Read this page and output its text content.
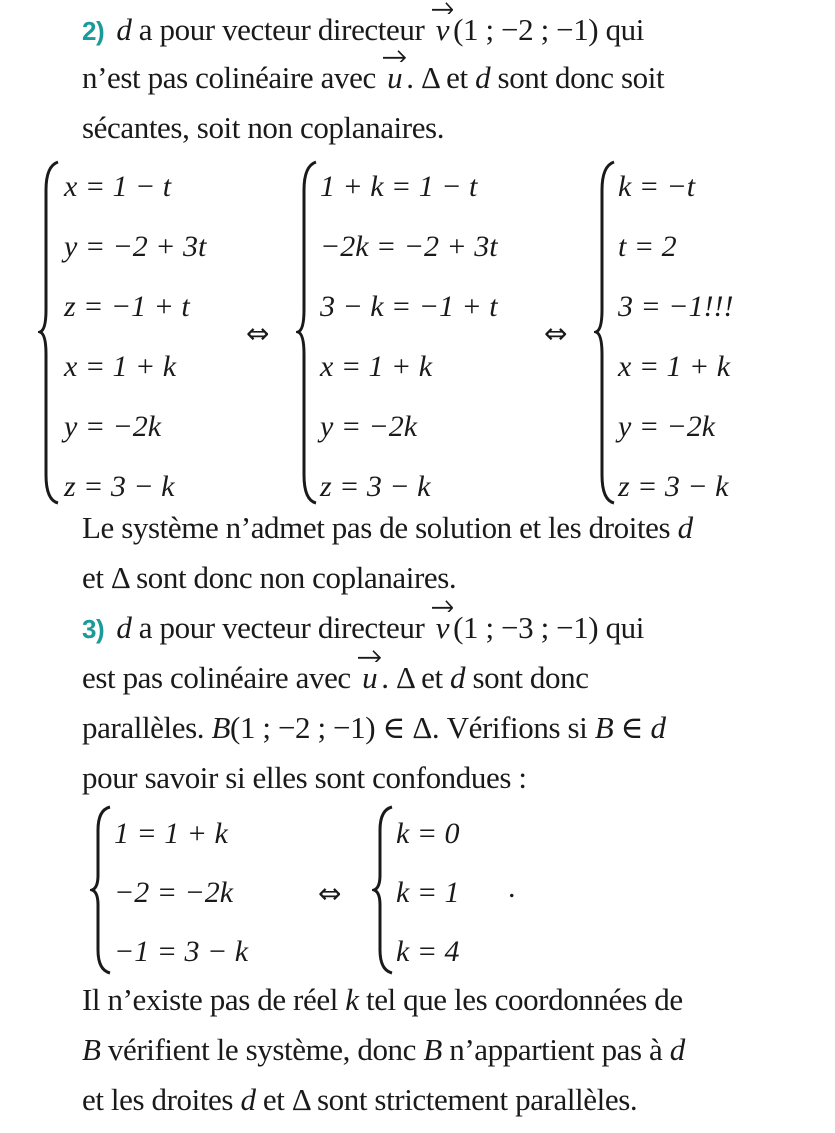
2) d a pour vecteur directeur
v (1 ; −2 ; −1) qui
n’est pas colinéaire avec
u . Δ et d sont donc soit
sécantes, soit non coplanaires.
x = 1 − t
y = −2 + 3t
z = −1 + t
x = 1 + k
y = −2k
z = 3 − k
⇔
1 + k = 1 − t
−2k = −2 + 3t
3 − k = −1 + t
x = 1 + k
y = −2k
z = 3 − k
⇔
k = −t
t = 2
3 = −1!!!
x = 1 + k
y = −2k
z = 3 − k
Le système n’admet pas de solution et les droites d
et Δ sont donc non coplanaires.
3) d a pour vecteur directeur
v (1 ; −3 ; −1) qui
est pas colinéaire avec
u . Δ et d sont donc
parallèles. B(1 ; −2 ; −1) ∈ Δ. Vérifions si B ∈ d
pour savoir si elles sont confondues :
1 = 1 + k
−2 = −2k
−1 = 3 − k
⇔
k = 0
k = 1
k = 4
.
Il n’existe pas de réel k tel que les coordonnées de
B vérifient le système, donc B n’appartient pas à d
et les droites d et Δ sont strictement parallèles.
